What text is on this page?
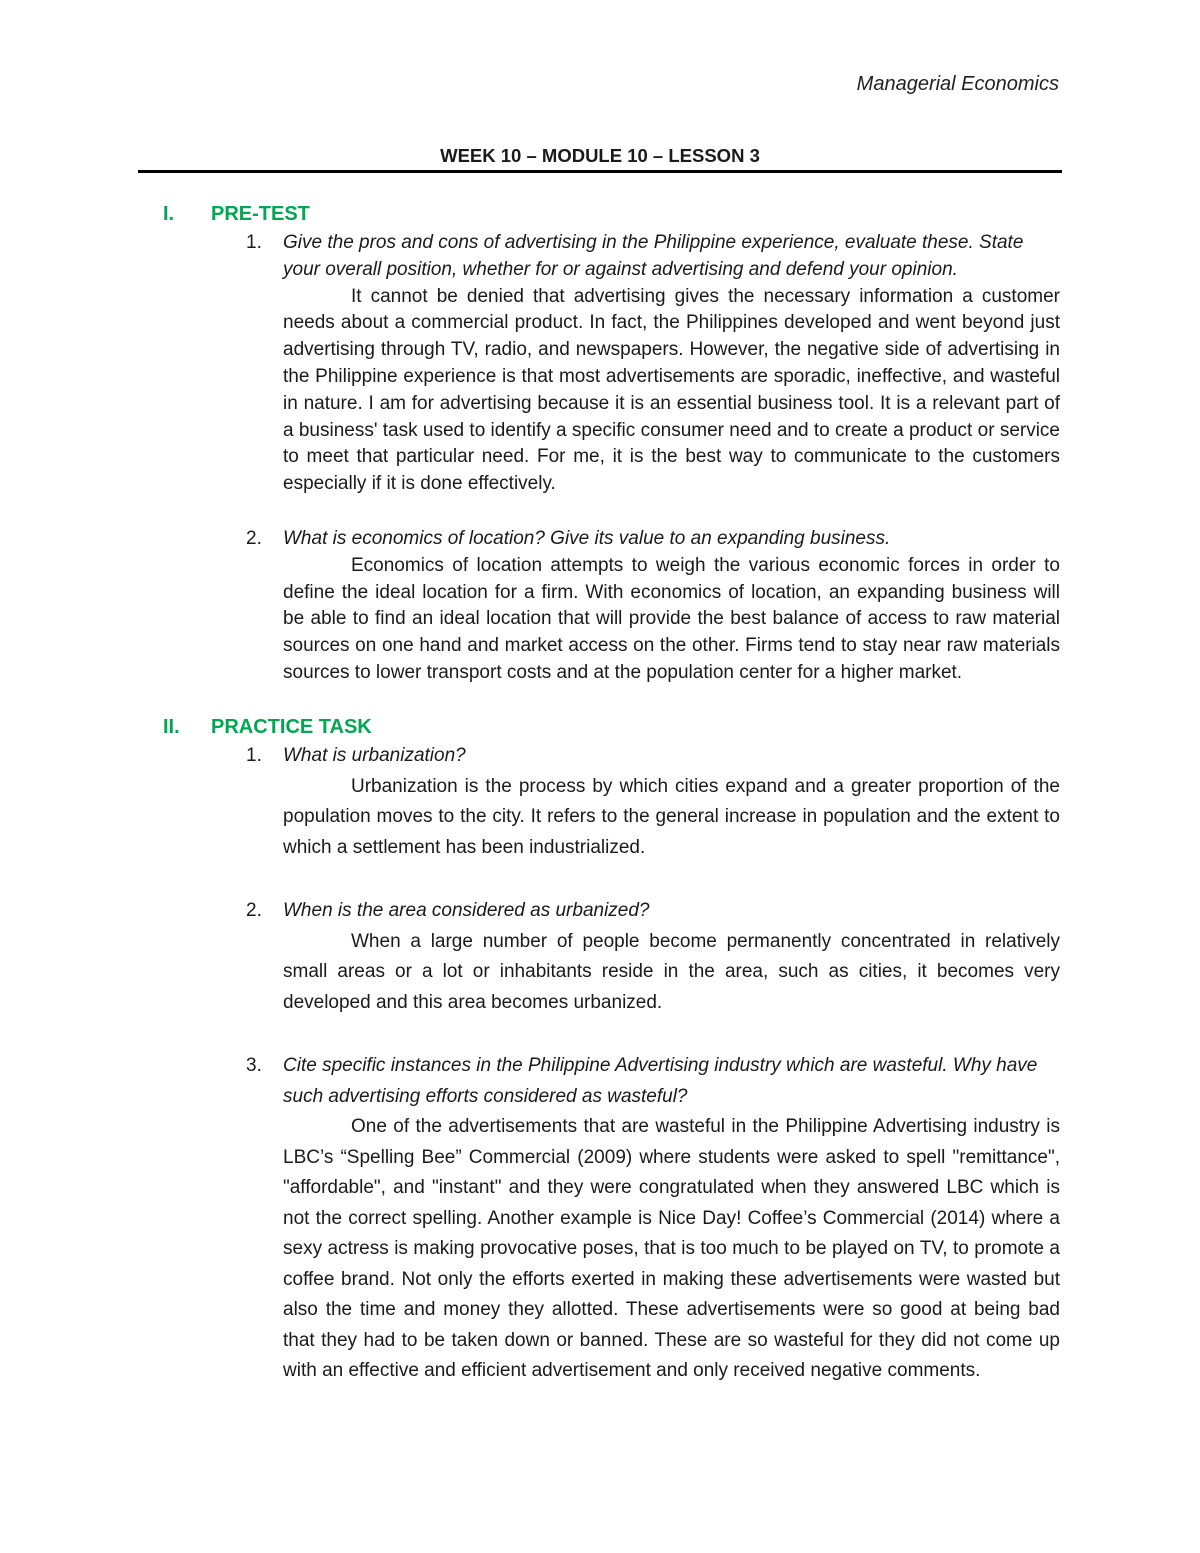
Managerial Economics
WEEK 10 – MODULE 10 – LESSON 3
I. PRE-TEST
1. Give the pros and cons of advertising in the Philippine experience, evaluate these. State your overall position, whether for or against advertising and defend your opinion.
It cannot be denied that advertising gives the necessary information a customer needs about a commercial product. In fact, the Philippines developed and went beyond just advertising through TV, radio, and newspapers. However, the negative side of advertising in the Philippine experience is that most advertisements are sporadic, ineffective, and wasteful in nature. I am for advertising because it is an essential business tool. It is a relevant part of a business' task used to identify a specific consumer need and to create a product or service to meet that particular need. For me, it is the best way to communicate to the customers especially if it is done effectively.
2. What is economics of location? Give its value to an expanding business.
Economics of location attempts to weigh the various economic forces in order to define the ideal location for a firm. With economics of location, an expanding business will be able to find an ideal location that will provide the best balance of access to raw material sources on one hand and market access on the other. Firms tend to stay near raw materials sources to lower transport costs and at the population center for a higher market.
II. PRACTICE TASK
1. What is urbanization?
Urbanization is the process by which cities expand and a greater proportion of the population moves to the city. It refers to the general increase in population and the extent to which a settlement has been industrialized.
2. When is the area considered as urbanized?
When a large number of people become permanently concentrated in relatively small areas or a lot or inhabitants reside in the area, such as cities, it becomes very developed and this area becomes urbanized.
3. Cite specific instances in the Philippine Advertising industry which are wasteful. Why have such advertising efforts considered as wasteful?
One of the advertisements that are wasteful in the Philippine Advertising industry is LBC’s “Spelling Bee” Commercial (2009) where students were asked to spell "remittance", "affordable", and "instant" and they were congratulated when they answered LBC which is not the correct spelling. Another example is Nice Day! Coffee’s Commercial (2014) where a sexy actress is making provocative poses, that is too much to be played on TV, to promote a coffee brand. Not only the efforts exerted in making these advertisements were wasted but also the time and money they allotted. These advertisements were so good at being bad that they had to be taken down or banned. These are so wasteful for they did not come up with an effective and efficient advertisement and only received negative comments.
